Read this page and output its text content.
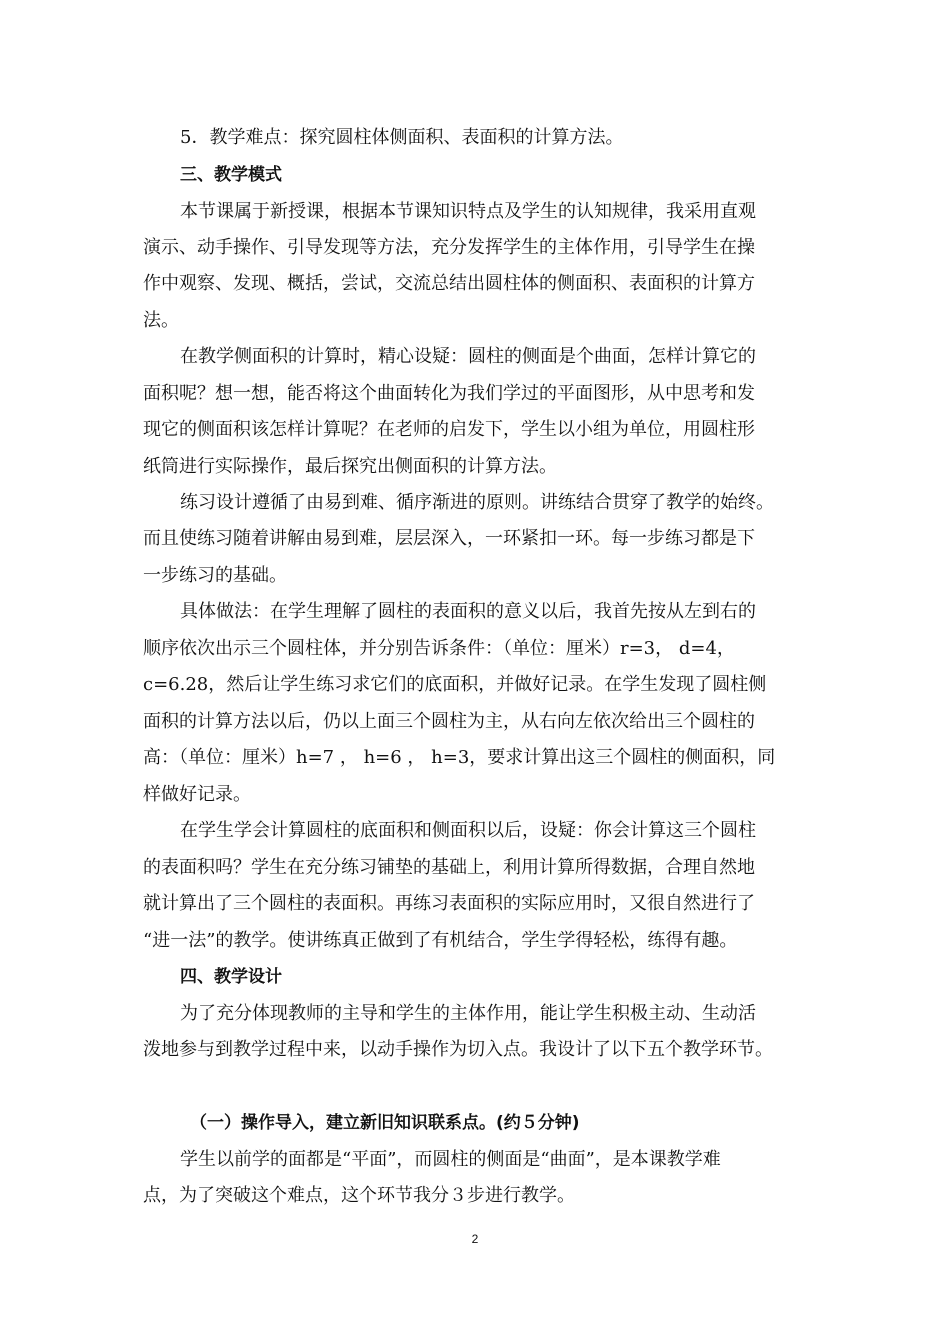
5．教学难点：探究圆柱体侧面积、表面积的计算方法。
三、教学模式
本节课属于新授课，根据本节课知识特点及学生的认知规律，我采用直观
演示、动手操作、引导发现等方法，充分发挥学生的主体作用，引导学生在操
作中观察、发现、概括，尝试，交流总结出圆柱体的侧面积、表面积的计算方
法。
在教学侧面积的计算时，精心设疑：圆柱的侧面是个曲面，怎样计算它的
面积呢？想一想，能否将这个曲面转化为我们学过的平面图形，从中思考和发
现它的侧面积该怎样计算呢？在老师的启发下，学生以小组为单位，用圆柱形
纸筒进行实际操作，最后探究出侧面积的计算方法。
练习设计遵循了由易到难、循序渐进的原则。讲练结合贯穿了教学的始终。
而且使练习随着讲解由易到难，层层深入，一环紧扣一环。每一步练习都是下
一步练习的基础。
具体做法：在学生理解了圆柱的表面积的意义以后，我首先按从左到右的
顺序依次出示三个圆柱体，并分别告诉条件：（单位：厘米）r=3， d=4，
c=6.28，然后让学生练习求它们的底面积，并做好记录。在学生发现了圆柱侧
面积的计算方法以后，仍以上面三个圆柱为主，从右向左依次给出三个圆柱的
高：（单位：厘米）h=7 ， h=6 ， h=3，要求计算出这三个圆柱的侧面积，同
样做好记录。
在学生学会计算圆柱的底面积和侧面积以后，设疑：你会计算这三个圆柱
的表面积吗？学生在充分练习铺垫的基础上，利用计算所得数据，合理自然地
就计算出了三个圆柱的表面积。再练习表面积的实际应用时，又很自然进行了
“进一法”的教学。使讲练真正做到了有机结合，学生学得轻松，练得有趣。
四、教学设计
为了充分体现教师的主导和学生的主体作用，能让学生积极主动、生动活
泼地参与到教学过程中来，以动手操作为切入点。我设计了以下五个教学环节。
（一）操作导入，建立新旧知识联系点。(约５分钟)
学生以前学的面都是“平面”，而圆柱的侧面是“曲面”，是本课教学难
点，为了突破这个难点，这个环节我分３步进行教学。
2
